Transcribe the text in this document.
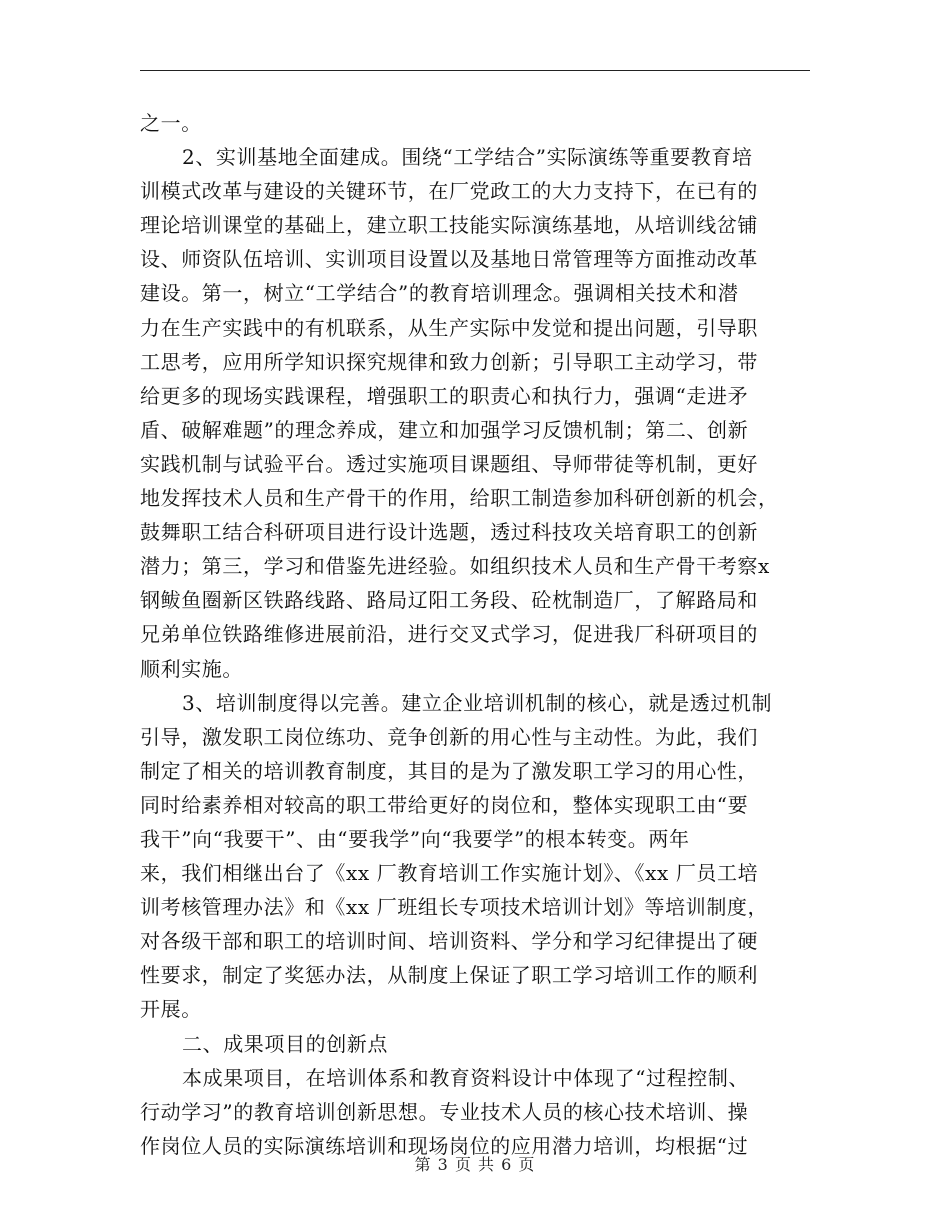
之一。
2、实训基地全面建成。围绕“工学结合”实际演练等重要教育培
训模式改革与建设的关键环节，在厂党政工的大力支持下，在已有的
理论培训课堂的基础上，建立职工技能实际演练基地，从培训线岔铺
设、师资队伍培训、实训项目设置以及基地日常管理等方面推动改革
建设。第一，树立“工学结合”的教育培训理念。强调相关技术和潜
力在生产实践中的有机联系，从生产实际中发觉和提出问题，引导职
工思考，应用所学知识探究规律和致力创新；引导职工主动学习，带
给更多的现场实践课程，增强职工的职责心和执行力，强调“走进矛
盾、破解难题”的理念养成，建立和加强学习反馈机制；第二、创新
实践机制与试验平台。透过实施项目课题组、导师带徒等机制，更好
地发挥技术人员和生产骨干的作用，给职工制造参加科研创新的机会，
鼓舞职工结合科研项目进行设计选题，透过科技攻关培育职工的创新
潜力；第三，学习和借鉴先进经验。如组织技术人员和生产骨干考察x
钢鲅鱼圈新区铁路线路、路局辽阳工务段、砼枕制造厂，了解路局和
兄弟单位铁路维修进展前沿，进行交叉式学习，促进我厂科研项目的
顺利实施。
3、培训制度得以完善。建立企业培训机制的核心，就是透过机制
引导，激发职工岗位练功、竞争创新的用心性与主动性。为此，我们
制定了相关的培训教育制度，其目的是为了激发职工学习的用心性，
同时给素养相对较高的职工带给更好的岗位和，整体实现职工由“要
我干”向“我要干”、由“要我学”向“我要学”的根本转变。两年
来，我们相继出台了《xx 厂教育培训工作实施计划》、《xx 厂员工培
训考核管理办法》和《xx 厂班组长专项技术培训计划》等培训制度，
对各级干部和职工的培训时间、培训资料、学分和学习纪律提出了硬
性要求，制定了奖惩办法，从制度上保证了职工学习培训工作的顺利
开展。
二、成果项目的创新点
本成果项目，在培训体系和教育资料设计中体现了“过程控制、
行动学习”的教育培训创新思想。专业技术人员的核心技术培训、操
作岗位人员的实际演练培训和现场岗位的应用潜力培训，均根据“过
第 3 页 共 6 页
